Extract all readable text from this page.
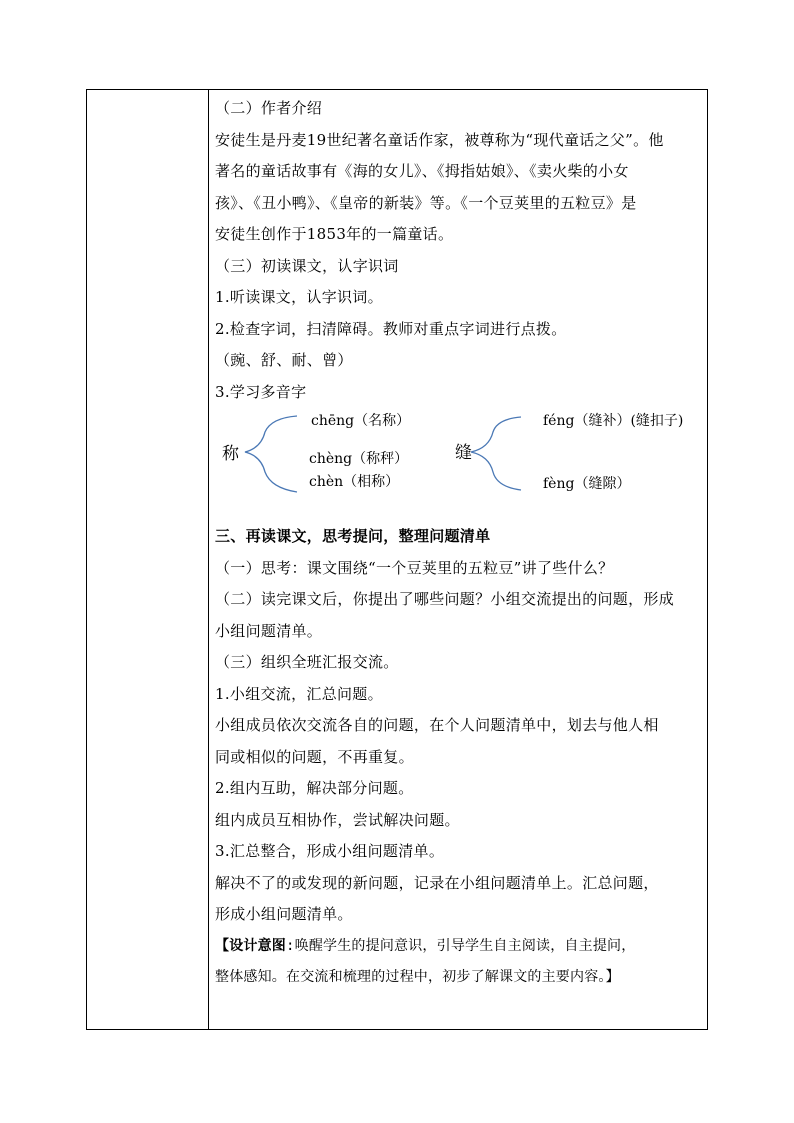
（二）作者介绍
安徒生是丹麦19世纪著名童话作家，被尊称为“现代童话之父”。他
著名的童话故事有《海的女儿》、《拇指姑娘》、《卖火柴的小女
孩》、《丑小鸭》、《皇帝的新装》等。《一个豆荚里的五粒豆》是
安徒生创作于1853年的一篇童话。
（三）初读课文，认字识词
1.听读课文，认字识词。
2.检查字词，扫清障碍。教师对重点字词进行点拨。
（豌、舒、耐、曾）
3.学习多音字
称
chēng（名称）
chèng（称秤）
chèn（相称）
缝
féng（缝补）(缝扣子)
fèng（缝隙）
三、再读课文，思考提问，整理问题清单
（一）思考：课文围绕“一个豆荚里的五粒豆”讲了些什么？
（二）读完课文后，你提出了哪些问题？小组交流提出的问题，形成
小组问题清单。
（三）组织全班汇报交流。
1.小组交流，汇总问题。
小组成员依次交流各自的问题，在个人问题清单中，划去与他人相
同或相似的问题，不再重复。
2.组内互助，解决部分问题。
组内成员互相协作，尝试解决问题。
3.汇总整合，形成小组问题清单。
解决不了的或发现的新问题，记录在小组问题清单上。汇总问题，
形成小组问题清单。
【设计意图:唤醒学生的提问意识，引导学生自主阅读，自主提问，
整体感知。在交流和梳理的过程中，初步了解课文的主要内容。】
